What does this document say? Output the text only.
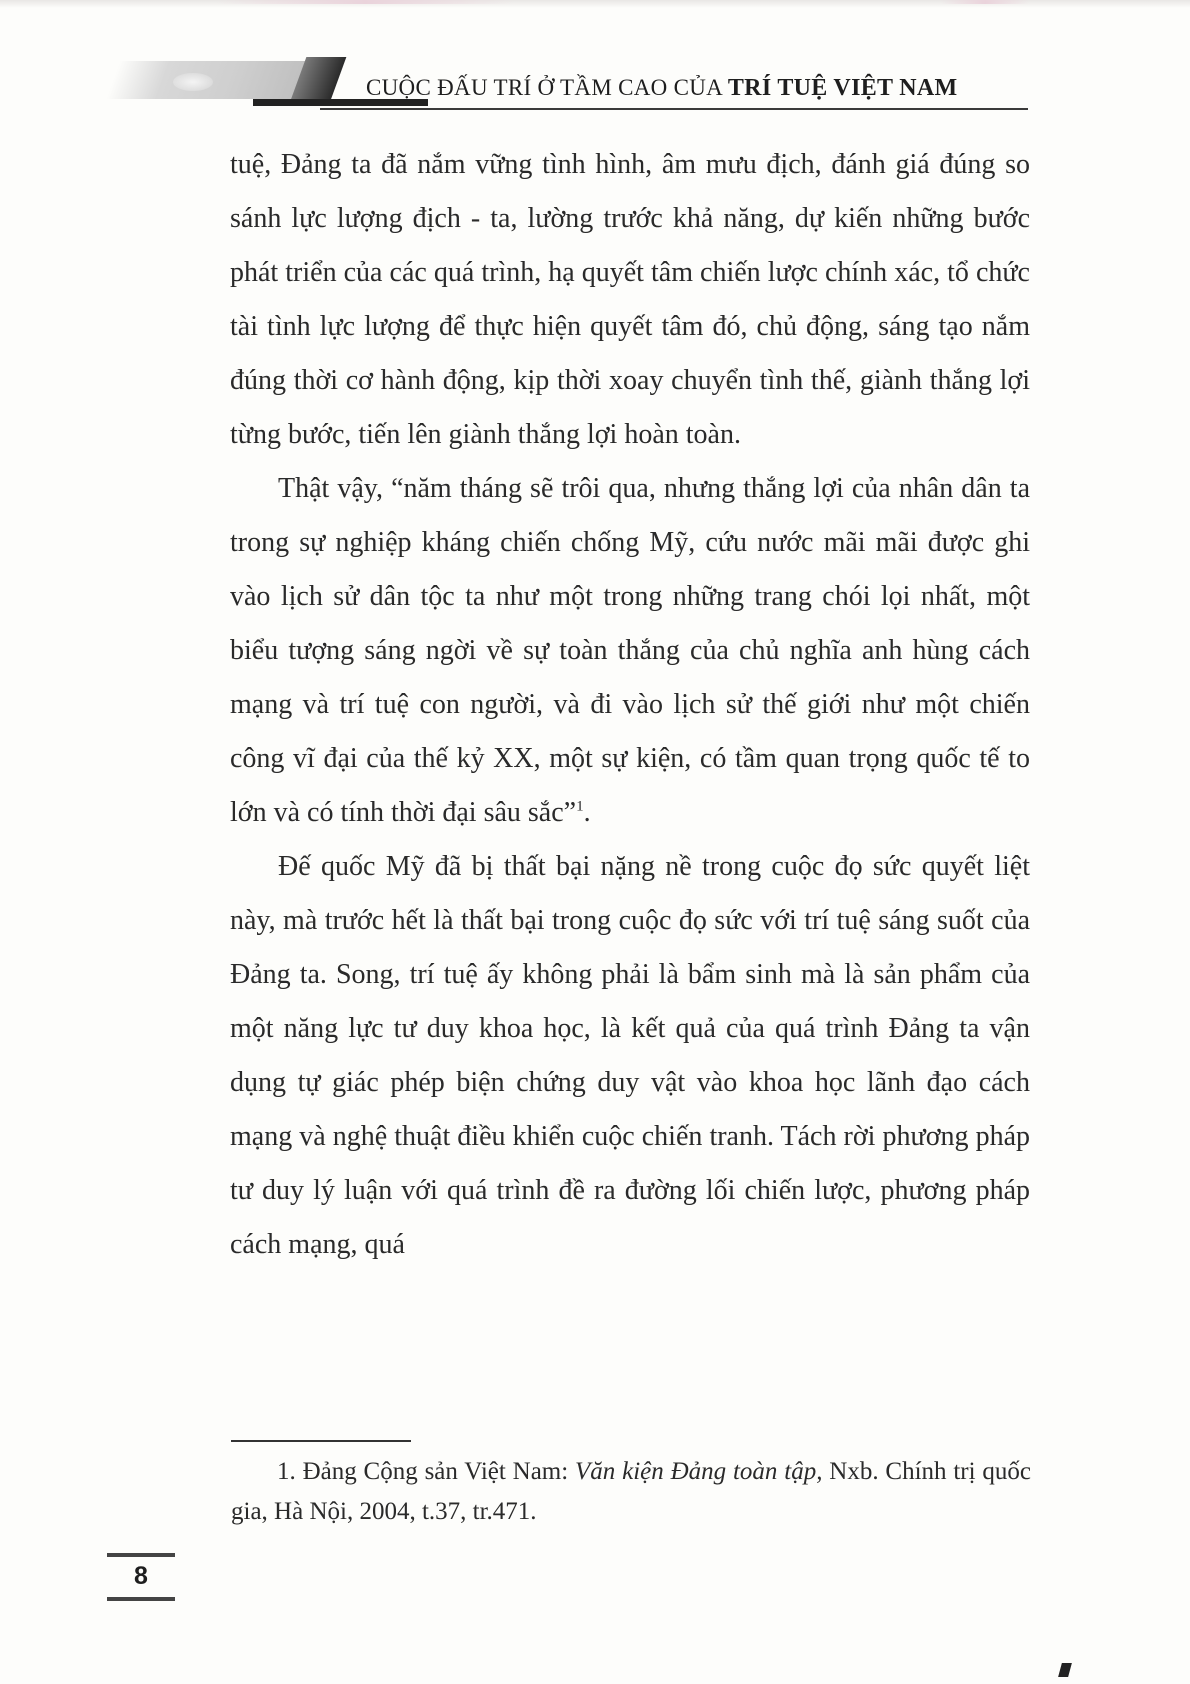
CUỘC ĐẤU TRÍ Ở TẦM CAO CỦA TRÍ TUỆ VIỆT NAM

tuệ, Đảng ta đã nắm vững tình hình, âm mưu địch, đánh giá đúng so sánh lực lượng địch - ta, lường trước khả năng, dự kiến những bước phát triển của các quá trình, hạ quyết tâm chiến lược chính xác, tổ chức tài tình lực lượng để thực hiện quyết tâm đó, chủ động, sáng tạo nắm đúng thời cơ hành động, kịp thời xoay chuyển tình thế, giành thắng lợi từng bước, tiến lên giành thắng lợi hoàn toàn.

Thật vậy, “năm tháng sẽ trôi qua, nhưng thắng lợi của nhân dân ta trong sự nghiệp kháng chiến chống Mỹ, cứu nước mãi mãi được ghi vào lịch sử dân tộc ta như một trong những trang chói lọi nhất, một biểu tượng sáng ngời về sự toàn thắng của chủ nghĩa anh hùng cách mạng và trí tuệ con người, và đi vào lịch sử thế giới như một chiến công vĩ đại của thế kỷ XX, một sự kiện, có tầm quan trọng quốc tế to lớn và có tính thời đại sâu sắc”$^1$.

Đế quốc Mỹ đã bị thất bại nặng nề trong cuộc đọ sức quyết liệt này, mà trước hết là thất bại trong cuộc đọ sức với trí tuệ sáng suốt của Đảng ta. Song, trí tuệ ấy không phải là bẩm sinh mà là sản phẩm của một năng lực tư duy khoa học, là kết quả của quá trình Đảng ta vận dụng tự giác phép biện chứng duy vật vào khoa học lãnh đạo cách mạng và nghệ thuật điều khiển cuộc chiến tranh. Tách rời phương pháp tư duy lý luận với quá trình đề ra đường lối chiến lược, phương pháp cách mạng, quá

1. Đảng Cộng sản Việt Nam: Văn kiện Đảng toàn tập, Nxb. Chính trị quốc gia, Hà Nội, 2004, t.37, tr.471.

8
